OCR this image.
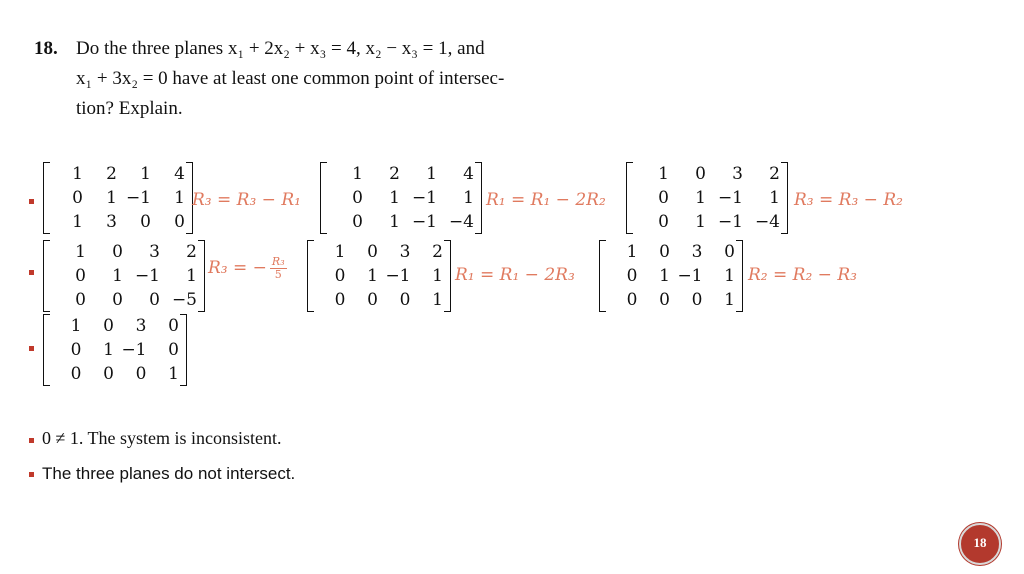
18. Do the three planes x₁ + 2x₂ + x₃ = 4, x₂ − x₃ = 1, and
x₁ + 3x₂ = 0 have at least one common point of intersec-
tion? Explain.
1	2	1	4
0	1 −1	1
1	3	0	0
R₃ = R₃ − R₁
1	2	1	4
0	1 −1	1
0	1 −1 −4
R₁ = R₁ − 2R₂
1	0	3	2
0	1 −1	1
0	1 −1 −4
R₃ = R₃ − R₂
1	0	3	2
0	1 −1	1
0	0	0 −5
R₃ = − $\frac{\text{R₃}}{5}$
1	0	3	2
0	1 −1	1
0	0	0	1
R₁ = R₁ − 2R₃
1	0	3	0
0	1 −1	1
0	0	0	1
R₂ = R₂ − R₃
1	0	3	0
0	1 −1	0
0	0	0	1
0 ≠ 1. The system is inconsistent.
The three planes do not intersect.
18
